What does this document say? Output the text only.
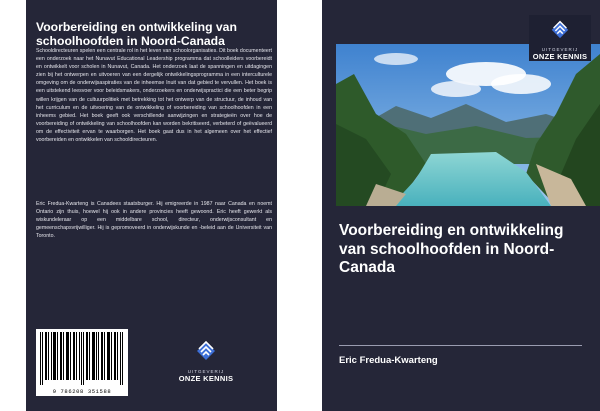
Voorbereiding en ontwikkeling van schoolhoofden in Noord-Canada
Schooldirecteuren spelen een centrale rol in het leven van schoolorganisaties. Dit boek documenteert een onderzoek naar het Nunavut Educational Leadership programma dat schoolleiders voorbereidt en ontwikkelt voor scholen in Nunavut, Canada. Het onderzoek laat de spanningen en uitdagingen zien bij het ontwerpen en uitvoeren van een dergelijk ontwikkelingsprogramma in een interculturele omgeving om de onderwijsaspiraties van de inheemse Inuit van dat gebied te vervullen. Het boek is een uitstekend leesvoer voor beleidsmakers, onderzoekers en onderwijspractici die een beter begrip willen krijgen van de cultuurpolitiek met betrekking tot het ontwerp van de structuur, de inhoud van het curriculum en de uitvoering van de ontwikkeling of voorbereiding van schoolhoofden in een inheems gebied. Het boek geeft ook verschillende aanwijzingen en strategieën over hoe de voorbereiding of ontwikkeling van schoolhoofden kan worden bekritiseerd, verbeterd of geëvalueerd om de effectiviteit ervan te waarborgen. Het boek gaat dus in het algemeen over het effectief voorbereiden en ontwikkelen van schooldirecteuren.
Eric Fredua-Kwarteng is Canadees staatsburger. Hij emigreerde in 1987 naar Canada en noemt Ontario zijn thuis, hoewel hij ook in andere provincies heeft gewoond. Eric heeft gewerkt als wiskundeleraar op een middelbare school, directeur, onderwijsconsultant en gemeenschapsvrijwilliger. Hij is gepromoveerd in onderwijskunde en -beleid aan de Universiteit van Toronto.
9 786208 351588
UITGEVERIJ
ONZE KENNIS
UITGEVERIJ
ONZE KENNIS
Voorbereiding en ontwikkeling van schoolhoofden in Noord-Canada
Eric Fredua-Kwarteng
